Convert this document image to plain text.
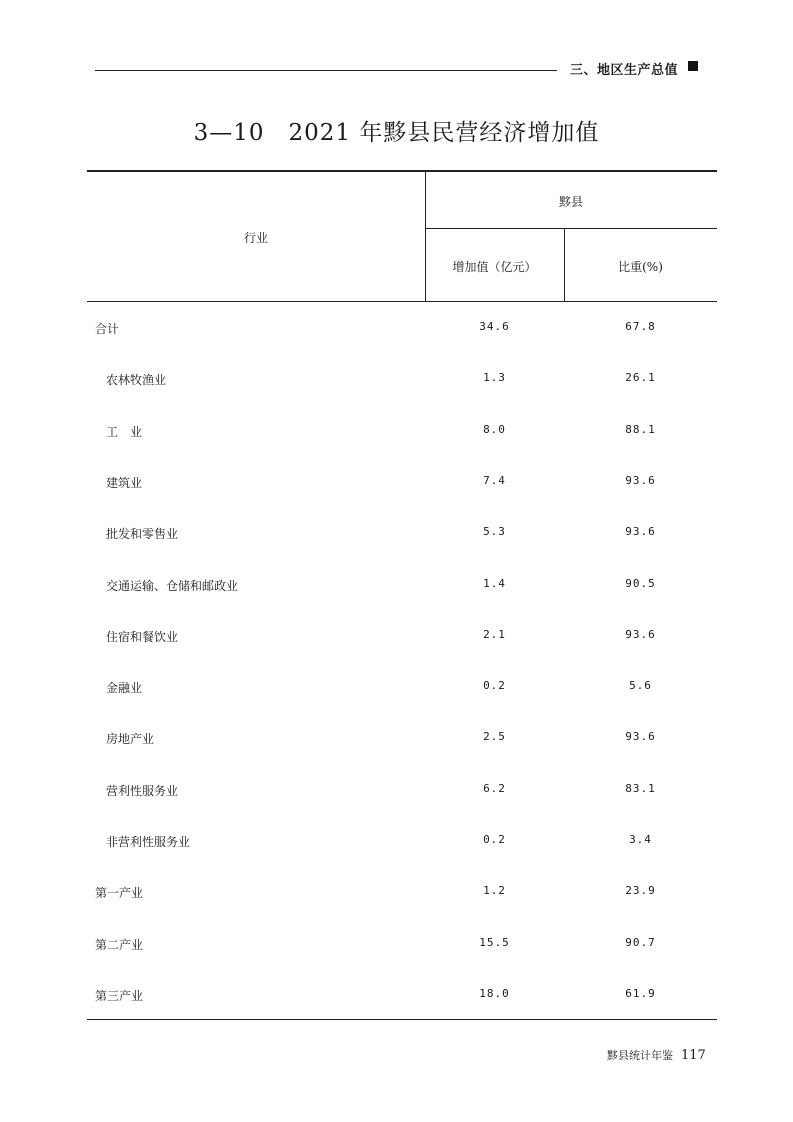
三、地区生产总值
3—10　2021 年黟县民营经济增加值
行业
黟县
增加值（亿元）	比重(%)
合计	34.6	67.8
农林牧渔业	1.3	26.1
工　业	8.0	88.1
建筑业	7.4	93.6
批发和零售业	5.3	93.6
交通运输、仓储和邮政业	1.4	90.5
住宿和餐饮业	2.1	93.6
金融业	0.2	5.6
房地产业	2.5	93.6
营利性服务业	6.2	83.1
非营利性服务业	0.2	3.4
第一产业	1.2	23.9
第二产业	15.5	90.7
第三产业	18.0	61.9
黟县统计年鉴 117
